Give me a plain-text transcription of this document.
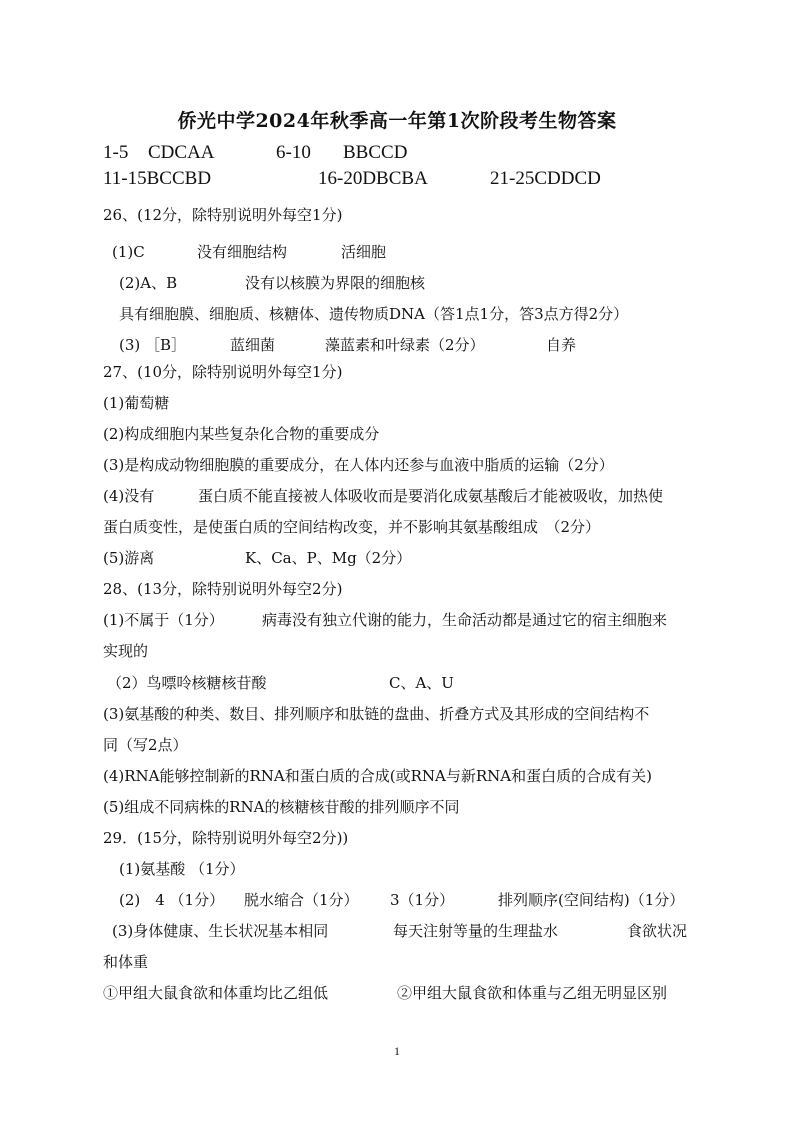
侨光中学2024年秋季高一年第1次阶段考生物答案
1-5 CDCAA	6-10 BBCCD
11-15BCCBD	16-20DBCBA	21-25CDDCD
26、(12分，除特别说明外每空1分)
(1)C	没有细胞结构	活细胞
(2)A、B	没有以核膜为界限的细胞核
具有细胞膜、细胞质、核糖体、遗传物质DNA（答1点1分，答3点方得2分）
(3) ［B］	蓝细菌	藻蓝素和叶绿素（2分）	自养
27、(10分，除特别说明外每空1分)
(1)葡萄糖
(2)构成细胞内某些复杂化合物的重要成分
(3)是构成动物细胞膜的重要成分，在人体内还参与血液中脂质的运输（2分）
(4)没有	蛋白质不能直接被人体吸收而是要消化成氨基酸后才能被吸收，加热使
蛋白质变性，是使蛋白质的空间结构改变，并不影响其氨基酸组成　（2分）
(5)游离	K、Ca、P、Mg（2分）
28、(13分，除特别说明外每空2分)
(1)不属于（1分）	病毒没有独立代谢的能力，生命活动都是通过它的宿主细胞来
实现的
（2）鸟嘌呤核糖核苷酸	C、A、U
(3)氨基酸的种类、数目、排列顺序和肽链的盘曲、折叠方式及其形成的空间结构不
同（写2点）
(4)RNA能够控制新的RNA和蛋白质的合成(或RNA与新RNA和蛋白质的合成有关)
(5)组成不同病株的RNA的核糖核苷酸的排列顺序不同
29．(15分，除特别说明外每空2分))
(1)氨基酸 （1分）
(2)　4 （1分） 脱水缩合（1分） 3（1分）	排列顺序(空间结构)（1分）
(3)身体健康、生长状况基本相同	每天注射等量的生理盐水	食欲状况
和体重
①甲组大鼠食欲和体重均比乙组低	②甲组大鼠食欲和体重与乙组无明显区别
1
